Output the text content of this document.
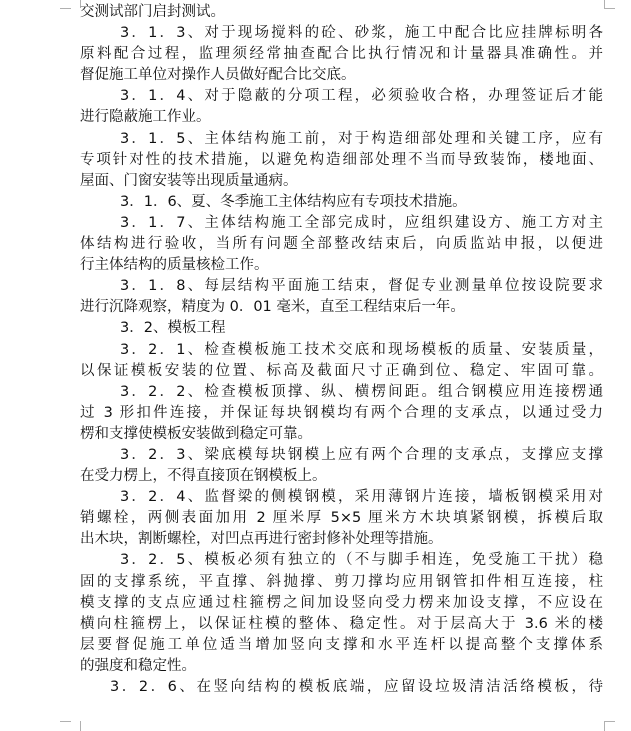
交测试部门启封测试。
3．1．3、对于现场搅料的砼、砂浆，施工中配合比应挂牌标明各
原料配合过程，监理须经常抽查配合比执行情况和计量器具准确性。并
督促施工单位对操作人员做好配合比交底。
3．1．4、对于隐蔽的分项工程，必须验收合格，办理签证后才能
进行隐蔽施工作业。
3．1．5、主体结构施工前，对于构造细部处理和关键工序，应有
专项针对性的技术措施，以避免构造细部处理不当而导致装饰，楼地面、
屋面、门窗安装等出现质量通病。
3．1．6、夏、冬季施工主体结构应有专项技术措施。
3．1．7、主体结构施工全部完成时，应组织建设方、施工方对主
体结构进行验收，当所有问题全部整改结束后，向质监站申报，以便进
行主体结构的质量核检工作。
3．1．8、每层结构平面施工结束，督促专业测量单位按设院要求
进行沉降观察，精度为 0．01 毫米，直至工程结束后一年。
3．2、模板工程
3．2．1、检查模板施工技术交底和现场模板的质量、安装质量，
以保证模板安装的位置、标高及截面尺寸正确到位、稳定、牢固可靠。
3．2．2、检查模板顶撑、纵、横楞间距。组合钢模应用连接楞通
过 3 形扣件连接，并保证每块钢模均有两个合理的支承点，以通过受力
楞和支撑使模板安装做到稳定可靠。
3．2．3、梁底模每块钢模上应有两个合理的支承点，支撑应支撑
在受力楞上，不得直接顶在钢模板上。
3．2．4、监督梁的侧模钢模，采用薄钢片连接，墙板钢模采用对
销螺栓，两侧表面加用 2 厘米厚 5×5 厘米方木块填紧钢模，拆模后取
出木块，割断螺栓，对凹点再进行密封修补处理等措施。
3．2．5、模板必须有独立的（不与脚手相连，免受施工干扰）稳
固的支撑系统，平直撑、斜抛撑、剪刀撑均应用钢管扣件相互连接，柱
模支撑的支点应通过柱箍楞之间加设竖向受力楞来加设支撑，不应设在
横向柱箍楞上，以保证柱模的整体、稳定性。对于层高大于 3.6 米的楼
层要督促施工单位适当增加竖向支撑和水平连杆以提高整个支撑体系
的强度和稳定性。
3．2．6、在竖向结构的模板底端，应留设垃圾清洁活络模板，待
